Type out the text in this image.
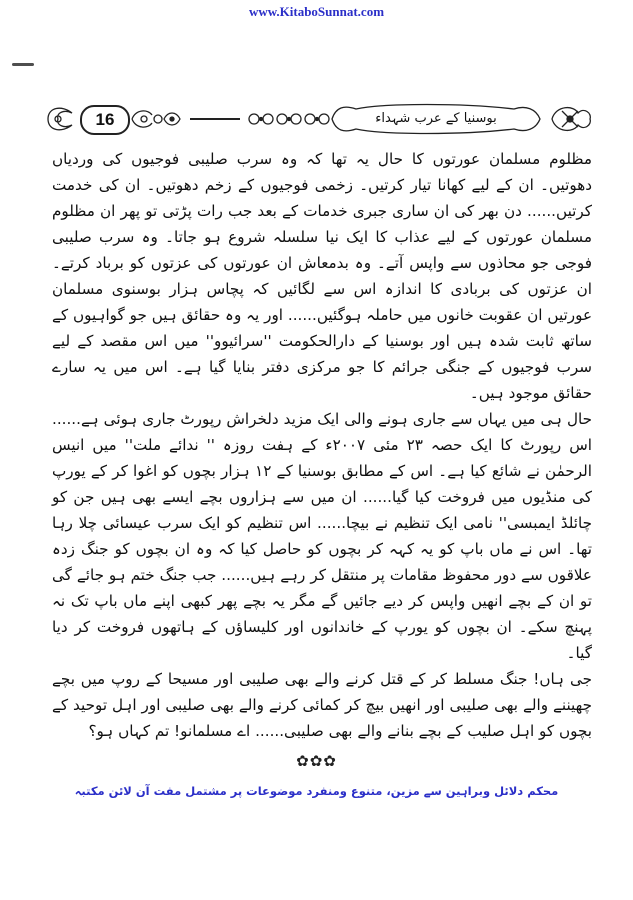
www.KitaboSunnat.com
16	بوسنیا کے عرب شہداء

مظلوم مسلمان عورتوں کا حال یہ تھا کہ وہ سرب صلیبی فوجیوں کی وردیاں دھوتیں۔ ان کے لیے کھانا تیار کرتیں۔ زخمی فوجیوں کے زخم دھوتیں۔ ان کی خدمت کرتیں...... دن بھر کی ان ساری جبری خدمات کے بعد جب رات پڑتی تو پھر ان مظلوم مسلمان عورتوں کے لیے عذاب کا ایک نیا سلسلہ شروع ہو جاتا۔ وہ سرب صلیبی فوجی جو محاذوں سے واپس آتے۔ وہ بدمعاش ان عورتوں کی عزتوں کو برباد کرتے۔ ان عزتوں کی بربادی کا اندازہ اس سے لگائیں کہ پچاس ہزار بوسنوی مسلمان عورتیں ان عقوبت خانوں میں حاملہ ہوگئیں...... اور یہ وہ حقائق ہیں جو گواہیوں کے ساتھ ثابت شدہ ہیں اور بوسنیا کے دارالحکومت ''سرائیوو'' میں اس مقصد کے لیے سرب فوجیوں کے جنگی جرائم کا جو مرکزی دفتر بنایا گیا ہے۔ اس میں یہ سارے حقائق موجود ہیں۔

حال ہی میں یہاں سے جاری ہونے والی ایک مزید دلخراش رپورٹ جاری ہوئی ہے...... اس رپورٹ کا ایک حصہ ۲۳ مئی ۲۰۰۷ء کے ہفت روزہ '' ندائے ملت'' میں انیس الرحمٰن نے شائع کیا ہے۔ اس کے مطابق بوسنیا کے ۱۲ ہزار بچوں کو اغوا کر کے یورپ کی منڈیوں میں فروخت کیا گیا...... ان میں سے ہزاروں بچے ایسے بھی ہیں جن کو چائلڈ ایمبسی'' نامی ایک تنظیم نے بیچا...... اس تنظیم کو ایک سرب عیسائی چلا رہا تھا۔ اس نے ماں باپ کو یہ کہہ کر بچوں کو حاصل کیا کہ وہ ان بچوں کو جنگ زدہ علاقوں سے دور محفوظ مقامات پر منتقل کر رہے ہیں...... جب جنگ ختم ہو جائے گی تو ان کے بچے انھیں واپس کر دیے جائیں گے مگر یہ بچے پھر کبھی اپنے ماں باپ تک نہ پہنچ سکے۔ ان بچوں کو یورپ کے خاندانوں اور کلیساؤں کے ہاتھوں فروخت کر دیا گیا۔

جی ہاں! جنگ مسلط کر کے قتل کرنے والے بھی صلیبی اور مسیحا کے روپ میں بچے چھیننے والے بھی صلیبی اور انھیں بیچ کر کمائی کرنے والے بھی صلیبی اور اہل توحید کے بچوں کو اہل صلیب کے بچے بنانے والے بھی صلیبی...... اے مسلمانو! تم کہاں ہو؟

✿✿✿
محکم دلائل وبراہین سے مزین، متنوع ومنفرد موضوعات پر مشتمل مفت آن لائن مکتبہ
